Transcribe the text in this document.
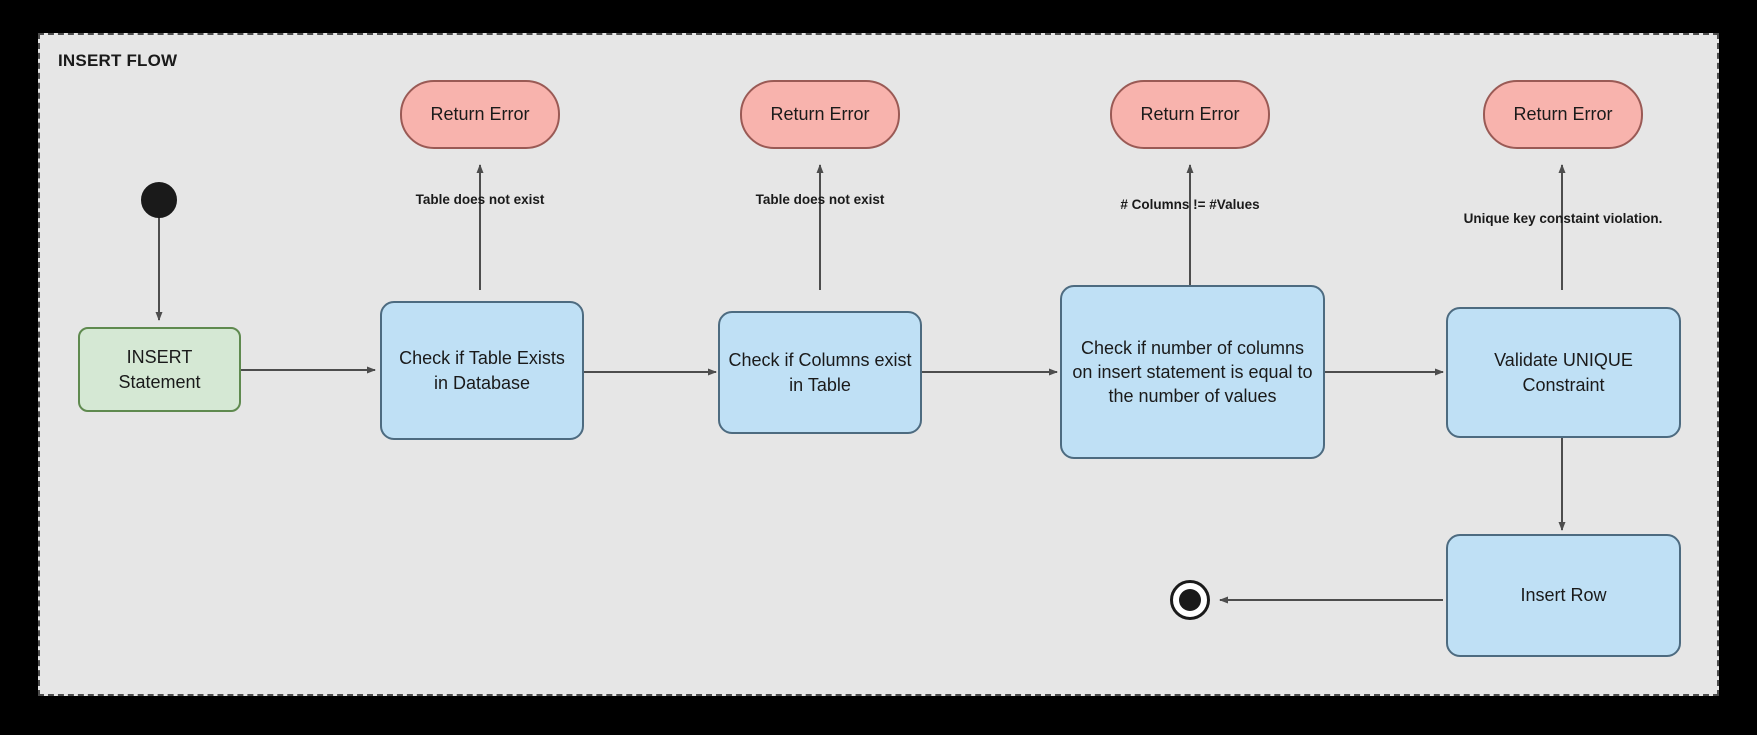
INSERT FLOW
INSERT Statement
Check if Table Exists in Database
Check if Columns exist in Table
Check if number of columns on insert statement is equal to the number of values
Validate UNIQUE Constraint
Insert Row
Return Error	Return Error	Return Error	Return Error
Table does not exist	Table does not exist	# Columns != #Values
Unique key constaint violation.
